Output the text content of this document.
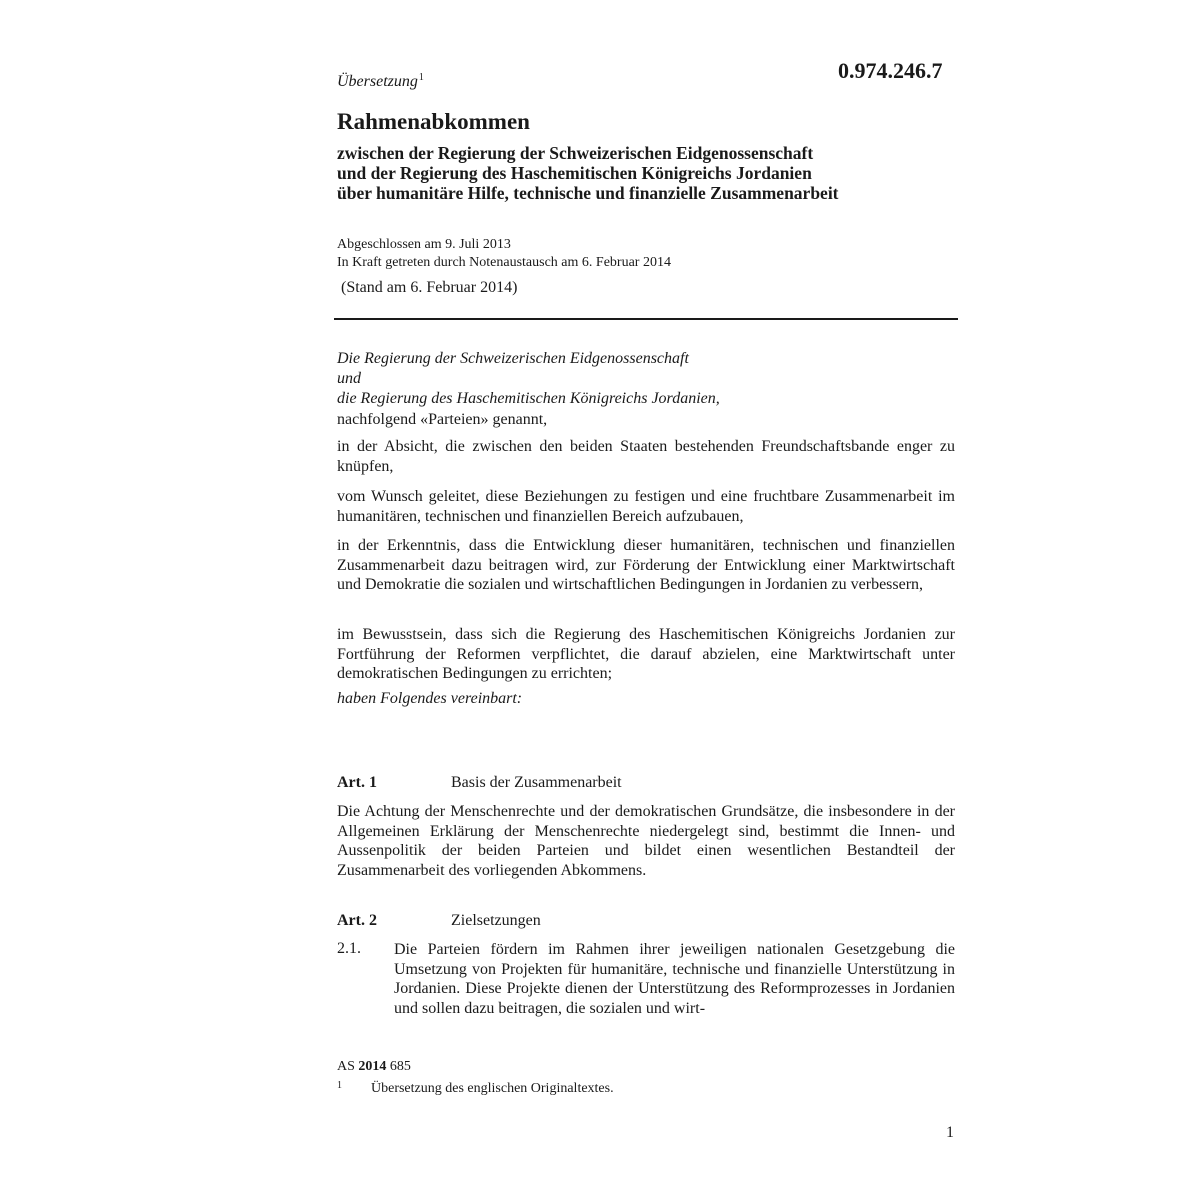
Übersetzung$^1$	0.974.246.7
Rahmenabkommen
zwischen der Regierung der Schweizerischen Eidgenossenschaft
und der Regierung des Haschemitischen Königreichs Jordanien
über humanitäre Hilfe, technische und finanzielle Zusammenarbeit
Abgeschlossen am 9. Juli 2013
In Kraft getreten durch Notenaustausch am 6. Februar 2014
(Stand am 6. Februar 2014)
Die Regierung der Schweizerischen Eidgenossenschaft
und
die Regierung des Haschemitischen Königreichs Jordanien,
nachfolgend «Parteien» genannt,
in der Absicht, die zwischen den beiden Staaten bestehenden Freundschaftsbande enger zu knüpfen,
vom Wunsch geleitet, diese Beziehungen zu festigen und eine fruchtbare Zusammenarbeit im humanitären, technischen und finanziellen Bereich aufzubauen,
in der Erkenntnis, dass die Entwicklung dieser humanitären, technischen und finanziellen Zusammenarbeit dazu beitragen wird, zur Förderung der Entwicklung einer Marktwirtschaft und Demokratie die sozialen und wirtschaftlichen Bedingungen in Jordanien zu verbessern,
im Bewusstsein, dass sich die Regierung des Haschemitischen Königreichs Jordanien zur Fortführung der Reformen verpflichtet, die darauf abzielen, eine Marktwirtschaft unter demokratischen Bedingungen zu errichten;
haben Folgendes vereinbart:
Art. 1	Basis der Zusammenarbeit
Die Achtung der Menschenrechte und der demokratischen Grundsätze, die insbesondere in der Allgemeinen Erklärung der Menschenrechte niedergelegt sind, bestimmt die Innen- und Aussenpolitik der beiden Parteien und bildet einen wesentlichen Bestandteil der Zusammenarbeit des vorliegenden Abkommens.
Art. 2	Zielsetzungen
2.1. Die Parteien fördern im Rahmen ihrer jeweiligen nationalen Gesetzgebung die Umsetzung von Projekten für humanitäre, technische und finanzielle Unterstützung in Jordanien. Diese Projekte dienen der Unterstützung des Reformprozesses in Jordanien und sollen dazu beitragen, die sozialen und wirt-
AS 2014 685
1 Übersetzung des englischen Originaltextes.
1
